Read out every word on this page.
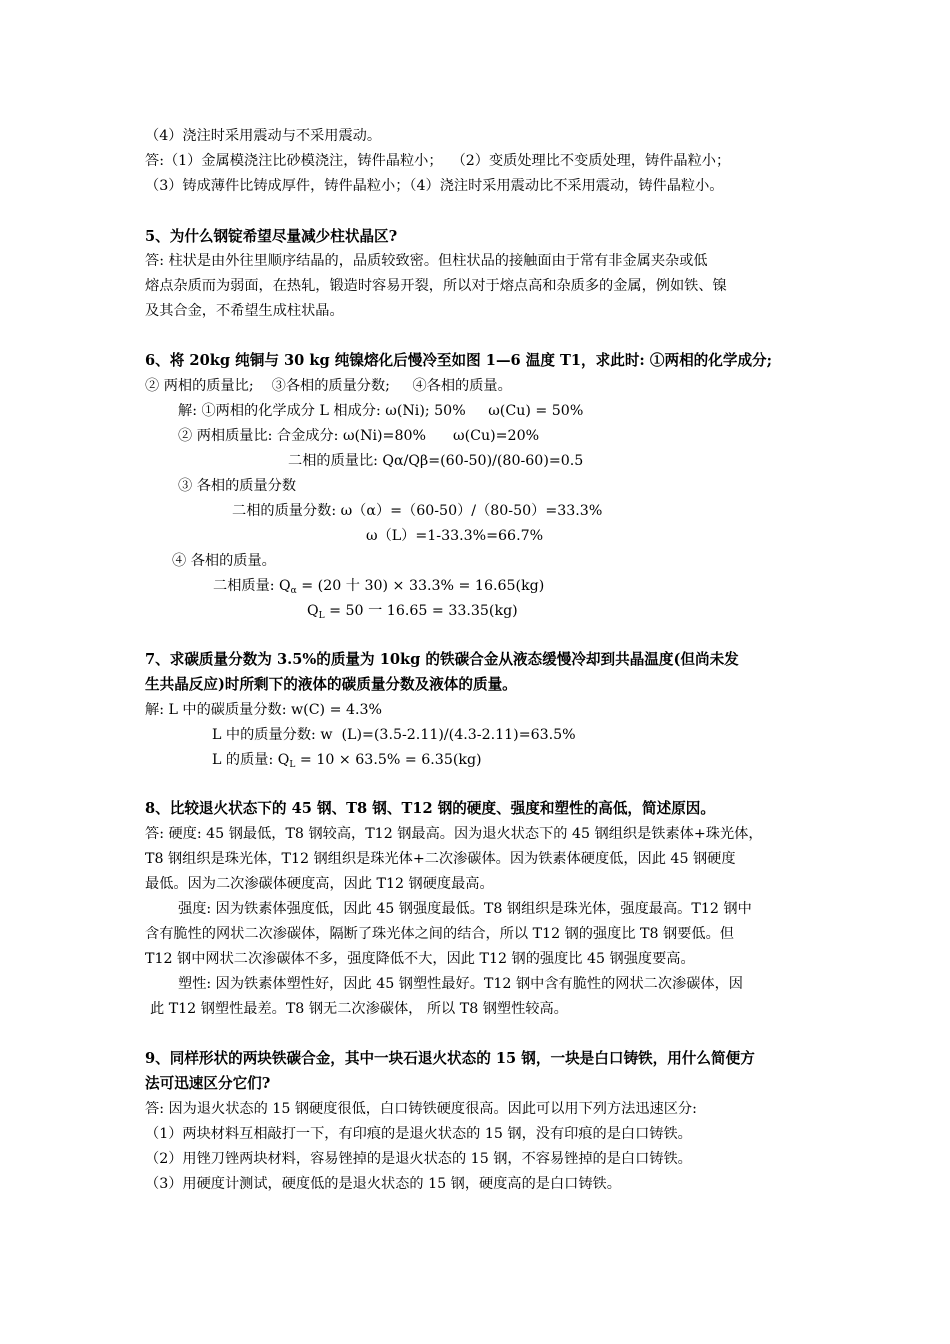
（4）浇注时采用震动与不采用震动。
答:（1）金属模浇注比砂模浇注，铸件晶粒小；  （2）变质处理比不变质处理，铸件晶粒小；
（3）铸成薄件比铸成厚件，铸件晶粒小；（4）浇注时采用震动比不采用震动，铸件晶粒小。
5、为什么钢锭希望尽量减少柱状晶区?
答: 柱状是由外往里顺序结晶的，品质较致密。但柱状品的接触面由于常有非金属夹杂或低
熔点杂质而为弱面，在热轧，锻造时容易开裂，所以对于熔点高和杂质多的金属，例如铁、镍
及其合金，不希望生成柱状晶。
6、将 20kg 纯铜与 30 kg 纯镍熔化后慢冷至如图 1—6 温度 T1，求此时: ①两相的化学成分;
② 两相的质量比;    ③各相的质量分数;     ④各相的质量。
解: ①两相的化学成分 L 相成分: ω(Ni); 50%     ω(Cu) = 50%
② 两相质量比: 合金成分: ω(Ni)=80%      ω(Cu)=20%
二相的质量比: Qα/Qβ=(60-50)/(80-60)=0.5
③ 各相的质量分数
二相的质量分数: ω（α）=（60-50）/（80-50）=33.3%
ω（L）=1-33.3%=66.7%
④ 各相的质量。
二相质量: $Q_\alpha = (20$ 十 30) × 33.3% = 16.65(kg)
$Q_L = 50$ 一 16.65 = 33.35(kg)
7、求碳质量分数为 3.5%的质量为 10kg 的铁碳合金从液态缓慢冷却到共晶温度(但尚未发
生共晶反应)时所剩下的液体的碳质量分数及液体的质量。
解: L 中的碳质量分数: w(C) = 4.3%
L 中的质量分数: w  (L)=(3.5-2.11)/(4.3-2.11)=63.5%
L 的质量: $Q_L = 10 \times 63.5\% = 6.35(kg)$
8、比较退火状态下的 45 钢、T8 钢、T12 钢的硬度、强度和塑性的高低，简述原因。
答: 硬度: 45 钢最低，T8 钢较高，T12 钢最高。因为退火状态下的 45 钢组织是铁素体+珠光体，
T8 钢组织是珠光体，T12 钢组织是珠光体+二次渗碳体。因为铁素体硬度低，因此 45 钢硬度
最低。因为二次渗碳体硬度高，因此 T12 钢硬度最高。
强度: 因为铁素体强度低，因此 45 钢强度最低。T8 钢组织是珠光体，强度最高。T12 钢中
含有脆性的网状二次渗碳体，隔断了珠光体之间的结合，所以 T12 钢的强度比 T8 钢要低。但
T12 钢中网状二次渗碳体不多，强度降低不大，因此 T12 钢的强度比 45 钢强度要高。
塑性: 因为铁素体塑性好，因此 45 钢塑性最好。T12 钢中含有脆性的网状二次渗碳体，因
此 T12 钢塑性最差。T8 钢无二次渗碳体， 所以 T8 钢塑性较高。
9、同样形状的两块铁碳合金，其中一块石退火状态的 15 钢，一块是白口铸铁，用什么简便方
法可迅速区分它们?
答: 因为退火状态的 15 钢硬度很低，白口铸铁硬度很高。因此可以用下列方法迅速区分:
（1）两块材料互相敲打一下，有印痕的是退火状态的 15 钢，没有印痕的是白口铸铁。
（2）用锉刀锉两块材料，容易锉掉的是退火状态的 15 钢，不容易锉掉的是白口铸铁。
（3）用硬度计测试，硬度低的是退火状态的 15 钢，硬度高的是白口铸铁。
